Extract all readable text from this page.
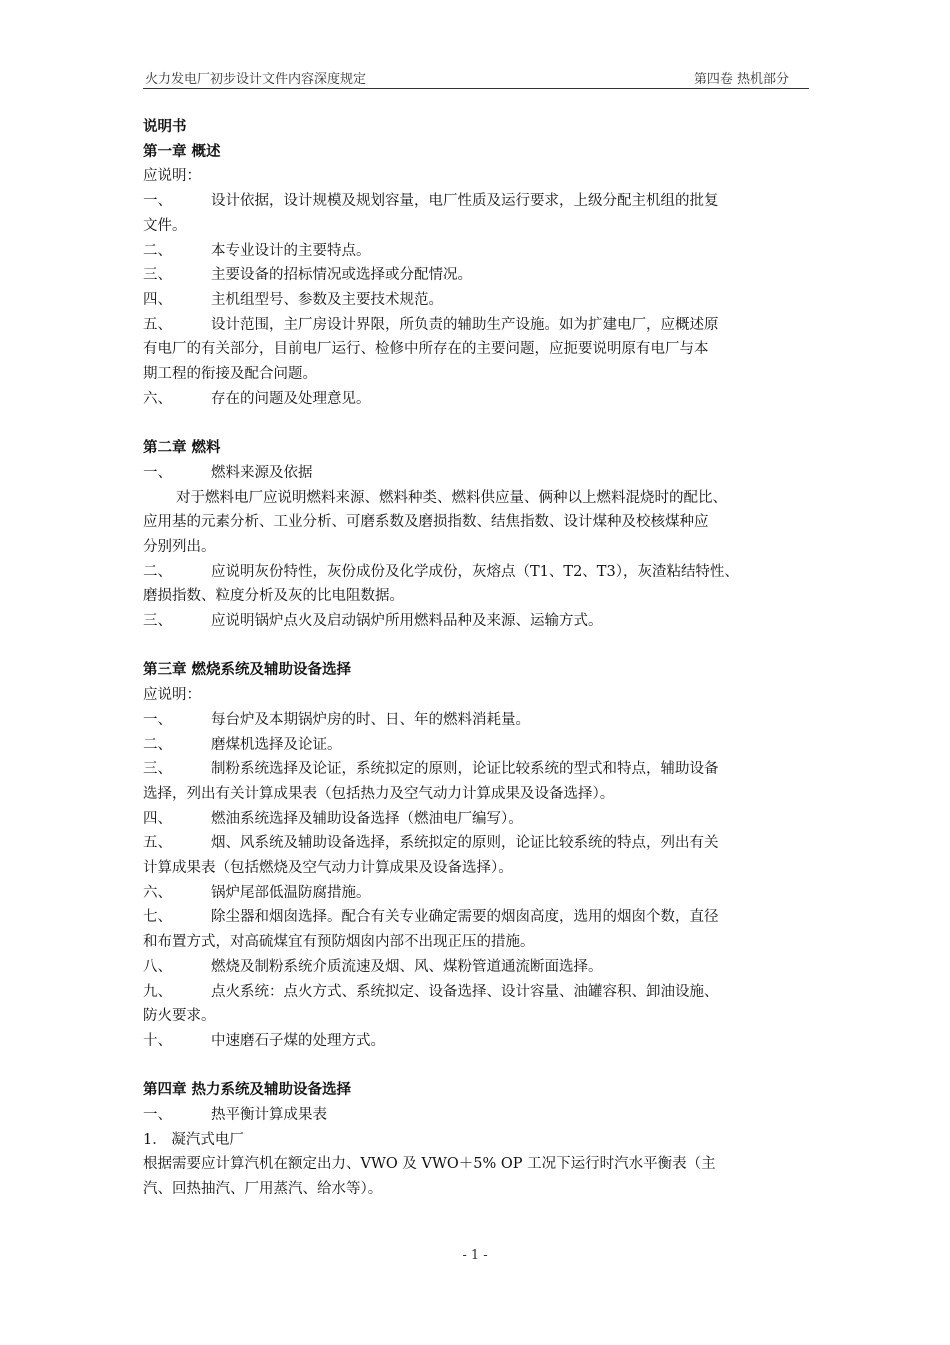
火力发电厂初步设计文件内容深度规定	第四卷 热机部分

说明书

第一章 概述

应说明：

一、	设计依据，设计规模及规划容量，电厂性质及运行要求，上级分配主机组的批复

文件。

二、	本专业设计的主要特点。

三、	主要设备的招标情况或选择或分配情况。

四、	主机组型号、参数及主要技术规范。

五、	设计范围，主厂房设计界限，所负责的辅助生产设施。如为扩建电厂，应概述原

有电厂的有关部分，目前电厂运行、检修中所存在的主要问题，应扼要说明原有电厂与本

期工程的衔接及配合问题。

六、	存在的问题及处理意见。

第二章 燃料

一、	燃料来源及依据

对于燃料电厂应说明燃料来源、燃料种类、燃料供应量、俩种以上燃料混烧时的配比、

应用基的元素分析、工业分析、可磨系数及磨损指数、结焦指数、设计煤种及校核煤种应

分别列出。

二、	应说明灰份特性，灰份成份及化学成份，灰熔点（T1、T2、T3），灰渣粘结特性、

磨损指数、粒度分析及灰的比电阻数据。

三、	应说明锅炉点火及启动锅炉所用燃料品种及来源、运输方式。

第三章 燃烧系统及辅助设备选择

应说明：

一、	每台炉及本期锅炉房的时、日、年的燃料消耗量。

二、	磨煤机选择及论证。

三、	制粉系统选择及论证，系统拟定的原则，论证比较系统的型式和特点，辅助设备

选择，列出有关计算成果表（包括热力及空气动力计算成果及设备选择）。

四、	燃油系统选择及辅助设备选择（燃油电厂编写）。

五、	烟、风系统及辅助设备选择，系统拟定的原则，论证比较系统的特点，列出有关

计算成果表（包括燃烧及空气动力计算成果及设备选择）。

六、	锅炉尾部低温防腐措施。

七、	除尘器和烟囱选择。配合有关专业确定需要的烟囱高度，选用的烟囱个数，直径

和布置方式，对高硫煤宜有预防烟囱内部不出现正压的措施。

八、	燃烧及制粉系统介质流速及烟、风、煤粉管道通流断面选择。

九、	点火系统：点火方式、系统拟定、设备选择、设计容量、油罐容积、卸油设施、

防火要求。

十、	中速磨石子煤的处理方式。

第四章 热力系统及辅助设备选择

一、	热平衡计算成果表

1． 凝汽式电厂

根据需要应计算汽机在额定出力、VWO 及 VWO＋5% OP 工况下运行时汽水平衡表（主

汽、回热抽汽、厂用蒸汽、给水等）。

- 1 -
